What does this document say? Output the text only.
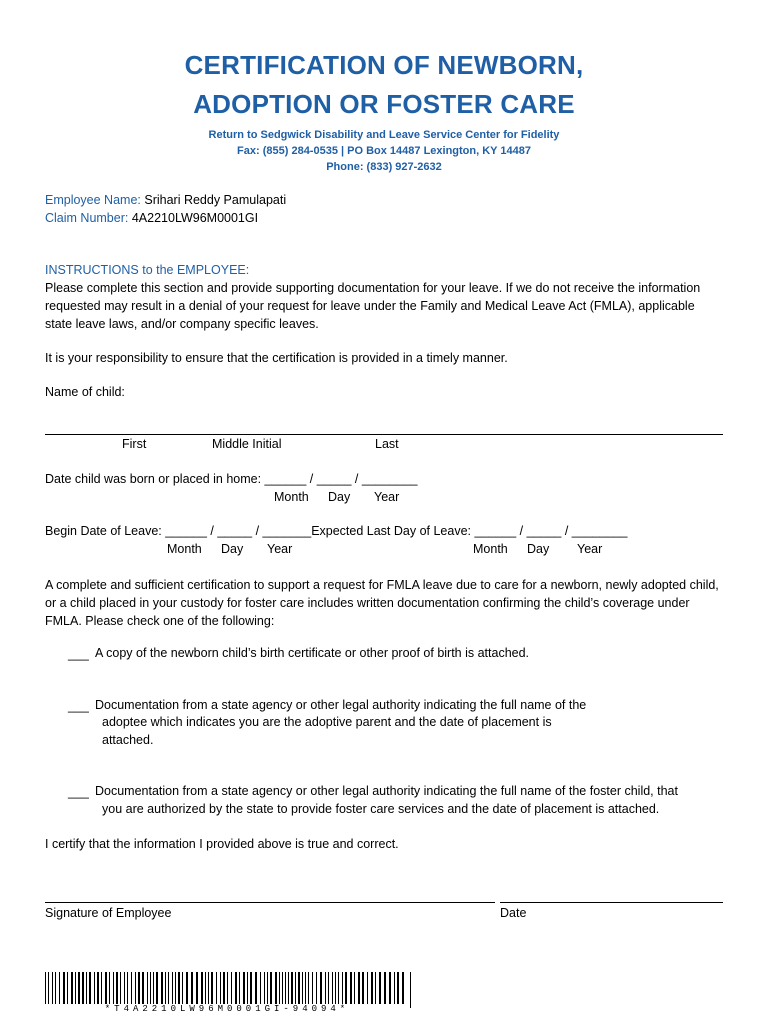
CERTIFICATION OF NEWBORN,
ADOPTION OR FOSTER CARE
Return to Sedgwick Disability and Leave Service Center for Fidelity
Fax: (855) 284-0535 | PO Box 14487 Lexington, KY 14487
Phone: (833) 927-2632
Employee Name: Srihari Reddy Pamulapati
Claim Number: 4A2210LW96M0001GI
INSTRUCTIONS to the EMPLOYEE:
Please complete this section and provide supporting documentation for your leave. If we do not receive the information requested may result in a denial of your request for leave under the Family and Medical Leave Act (FMLA), applicable state leave laws, and/or company specific leaves.
It is your responsibility to ensure that the certification is provided in a timely manner.
Name of child:
First	Middle Initial	Last
Date child was born or placed in home: ______ / _____ / ________
Month Day Year
Begin Date of Leave: ______ / _____ / _______Expected Last Day of Leave: ______ / _____ / ________
Month Day Year	Month Day Year
A complete and sufficient certification to support a request for FMLA leave due to care for a newborn, newly adopted child, or a child placed in your custody for foster care includes written documentation confirming the child’s coverage under FMLA. Please check one of the following:
___ A copy of the newborn child’s birth certificate or other proof of birth is attached.
___ Documentation from a state agency or other legal authority indicating the full name of the
adoptee which indicates you are the adoptive parent and the date of placement is
attached.
___ Documentation from a state agency or other legal authority indicating the full name of the foster child, that
you are authorized by the state to provide foster care services and the date of placement is attached.
I certify that the information I provided above is true and correct.
Signature of Employee	Date
*T4A2210LW96M0001GI-94094*
